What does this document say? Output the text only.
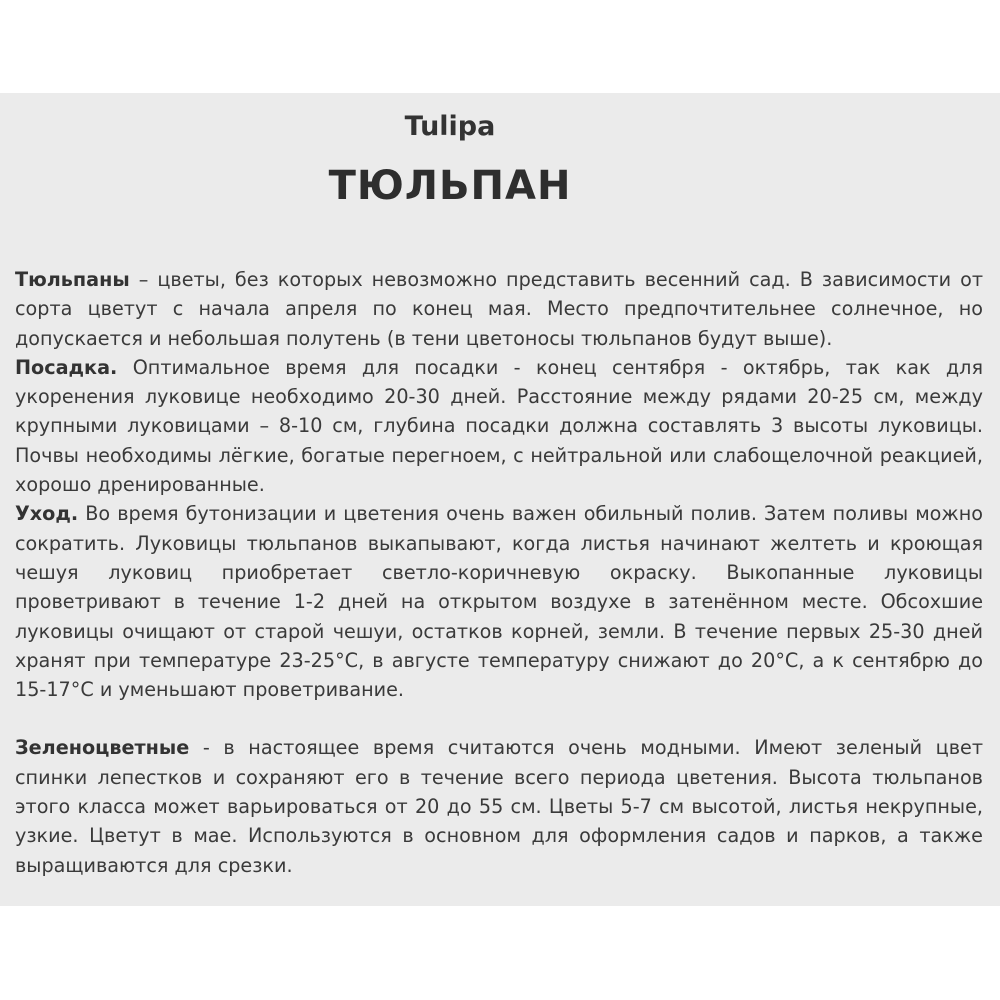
Tulipa
ТЮЛЬПАН

Тюльпаны – цветы, без которых невозможно представить весенний сад. В зависимости от сорта цветут с начала апреля по конец мая. Место предпочтительнее солнечное, но допускается и небольшая полутень (в тени цветоносы тюльпанов будут выше).

Посадка. Оптимальное время для посадки - конец сентября - октябрь, так как для укоренения луковице необходимо 20-30 дней. Расстояние между рядами 20-25 см, между крупными луковицами – 8-10 см, глубина посадки должна составлять 3 высоты луковицы. Почвы необходимы лёгкие, богатые перегноем, с нейтральной или слабощелочной реакцией, хорошо дренированные.

Уход. Во время бутонизации и цветения очень важен обильный полив. Затем поливы можно сократить. Луковицы тюльпанов выкапывают, когда листья начинают желтеть и кроющая чешуя луковиц приобретает светло-коричневую окраску. Выкопанные луковицы проветривают в течение 1-2 дней на открытом воздухе в затенённом месте. Обсохшие луковицы очищают от старой чешуи, остатков корней, земли. В течение первых 25-30 дней хранят при температуре 23-25°С, в августе температуру снижают до 20°С, а к сентябрю до 15-17°С и уменьшают проветривание.

Зеленоцветные - в настоящее время считаются очень модными. Имеют зеленый цвет спинки лепестков и сохраняют его в течение всего периода цветения. Высота тюльпанов этого класса может варьироваться от 20 до 55 см. Цветы 5-7 см высотой, листья некрупные, узкие. Цветут в мае. Используются в основном для оформления садов и парков, а также выращиваются для срезки.
